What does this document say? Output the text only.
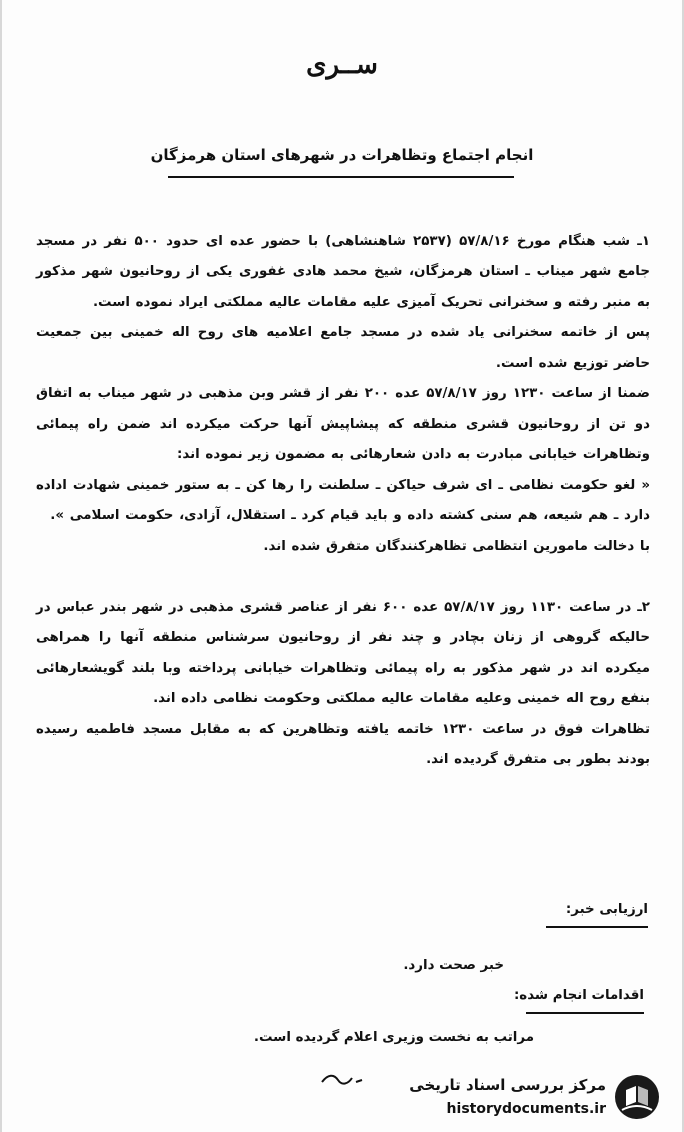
ســری
انجام اجتماع وتظاهرات در شهرهای استان هرمزگان

۱ـ شب هنگام مورخ ۵۷/۸/۱۶ (۲۵۳۷ شاهنشاهی) با حضور عده ای حدود ۵۰۰ نفر در مسجد جامع شهر میناب ـ استان هرمزگان، شیخ محمد هادی غفوری یکی از روحانیون شهر مذکور به منبر رفته و سخنرانی تحریک آمیزی علیه مقامات عالیه مملکتی ایراد نموده است.
پس از خاتمه سخنرانی یاد شده در مسجد جامع اعلامیه های روح اله خمینی بین جمعیت حاضر توزیع شده است.
ضمنا از ساعت ۱۲۳۰ روز ۵۷/۸/۱۷ عده ۲۰۰ نفر از قشر وبن مذهبی در شهر میناب به اتفاق دو تن از روحانیون قشری منطقه که پیشاپیش آنها حرکت میکرده اند ضمن راه پیمائی وتظاهرات خیابانی مبادرت به دادن شعارهائی به مضمون زیر نموده اند:
« لغو حکومت نظامی ـ ای شرف حیاکن ـ سلطنت را رها کن ـ به ستور خمینی شهادت اداده دارد ـ هم شیعه، هم سنی کشته داده و باید قیام کرد ـ استقلال، آزادی، حکومت اسلامی ».
با دخالت مامورین انتظامی تظاهرکنندگان متفرق شده اند.

۲ـ در ساعت ۱۱۳۰ روز ۵۷/۸/۱۷ عده ۶۰۰ نفر از عناصر قشری مذهبی در شهر بندر عباس در حالیکه گروهی از زنان بچادر و چند نفر از روحانیون سرشناس منطقه آنها را همراهی میکرده اند در شهر مذکور به راه پیمائی وتظاهرات خیابانی پرداخته وبا بلند گویشعارهائی بنفع روح اله خمینی وعلیه مقامات عالیه مملکتی وحکومت نظامی داده اند.
تظاهرات فوق در ساعت ۱۲۳۰ خاتمه یافته وتظاهرین که به مقابل مسجد فاطمیه رسیده بودند بطور بی متفرق گردیده اند.

ارزیابی خبر:
خبر صحت دارد.
اقدامات انجام شده:
مراتب به نخست وزیری اعلام گردیده است.
مرکز بررسی اسناد تاریخی
historydocuments.ir
